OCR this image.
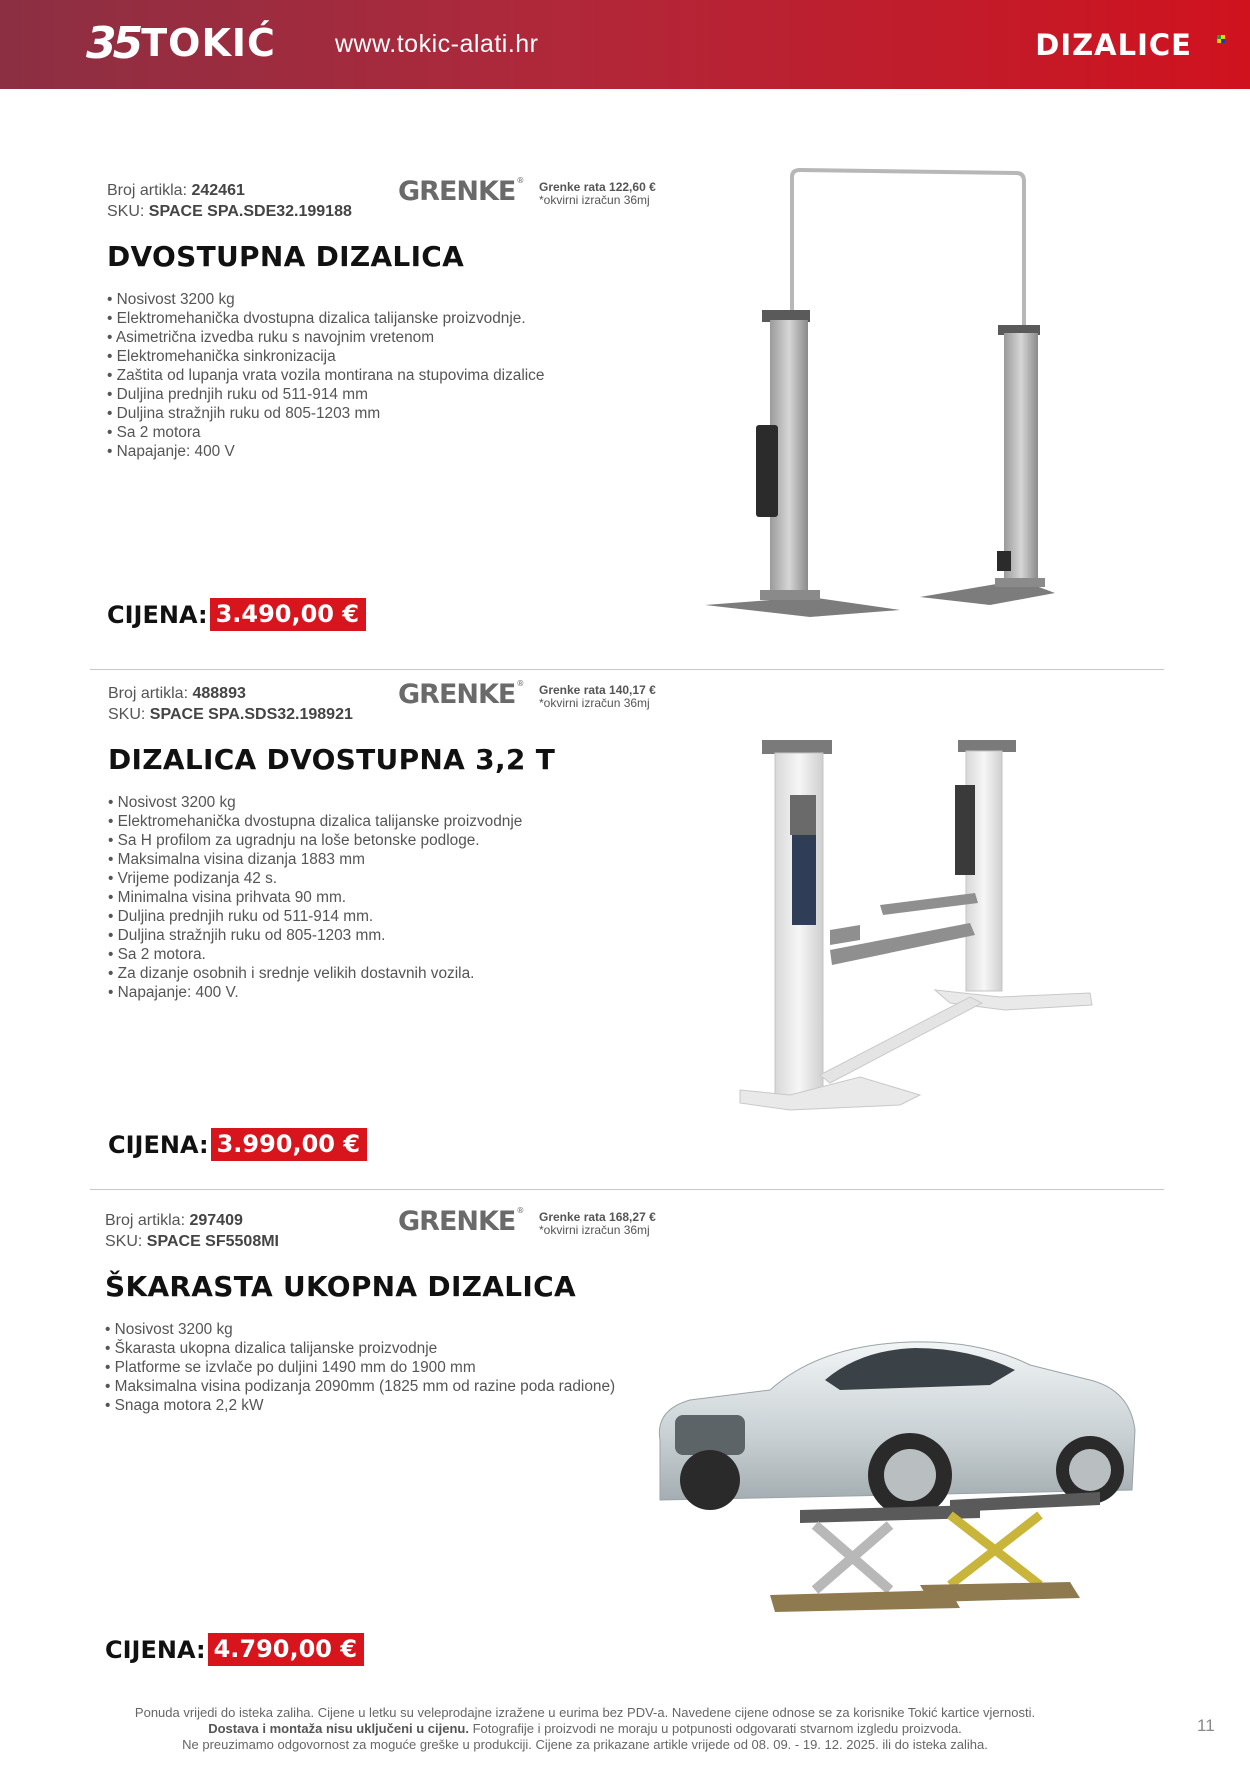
35 TOKIĆ www.tokic-alati.hr	DIZALICE
Broj artikla: 242461
SKU: SPACE SPA.SDE32.199188
GRENKE® Grenke rata 122,60 €
*okvirni izračun 36mj
DVOSTUPNA DIZALICA
• Nosivost 3200 kg
• Elektromehanička dvostupna dizalica talijanske proizvodnje.
• Asimetrična izvedba ruku s navojnim vretenom
• Elektromehanička sinkronizacija
• Zaštita od lupanja vrata vozila montirana na stupovima dizalice
• Duljina prednjih ruku od 511-914 mm
• Duljina stražnjih ruku od 805-1203 mm
• Sa 2 motora
• Napajanje: 400 V
CIJENA: 3.490,00 €
Broj artikla: 488893
SKU: SPACE SPA.SDS32.198921
GRENKE® Grenke rata 140,17 €
*okvirni izračun 36mj
DIZALICA DVOSTUPNA 3,2 T
• Nosivost 3200 kg
• Elektromehanička dvostupna dizalica talijanske proizvodnje
• Sa H profilom za ugradnju na loše betonske podloge.
• Maksimalna visina dizanja 1883 mm
• Vrijeme podizanja 42 s.
• Minimalna visina prihvata 90 mm.
• Duljina prednjih ruku od 511-914 mm.
• Duljina stražnjih ruku od 805-1203 mm.
• Sa 2 motora.
• Za dizanje osobnih i srednje velikih dostavnih vozila.
• Napajanje: 400 V.
CIJENA: 3.990,00 €
Broj artikla: 297409
SKU: SPACE SF5508MI
GRENKE® Grenke rata 168,27 €
*okvirni izračun 36mj
ŠKARASTA UKOPNA DIZALICA
• Nosivost 3200 kg
• Škarasta ukopna dizalica talijanske proizvodnje
• Platforme se izvlače po duljini 1490 mm do 1900 mm
• Maksimalna visina podizanja 2090mm (1825 mm od razine poda radione)
• Snaga motora 2,2 kW
CIJENA: 4.790,00 €
Ponuda vrijedi do isteka zaliha. Cijene u letku su veleprodajne izražene u eurima bez PDV-a. Navedene cijene odnose se za korisnike Tokić kartice vjernosti.
Dostava i montaža nisu uključeni u cijenu. Fotografije i proizvodi ne moraju u potpunosti odgovarati stvarnom izgledu proizvoda.
Ne preuzimamo odgovornost za moguće greške u produkciji. Cijene za prikazane artikle vrijede od 08. 09. - 19. 12. 2025. ili do isteka zaliha.
11
